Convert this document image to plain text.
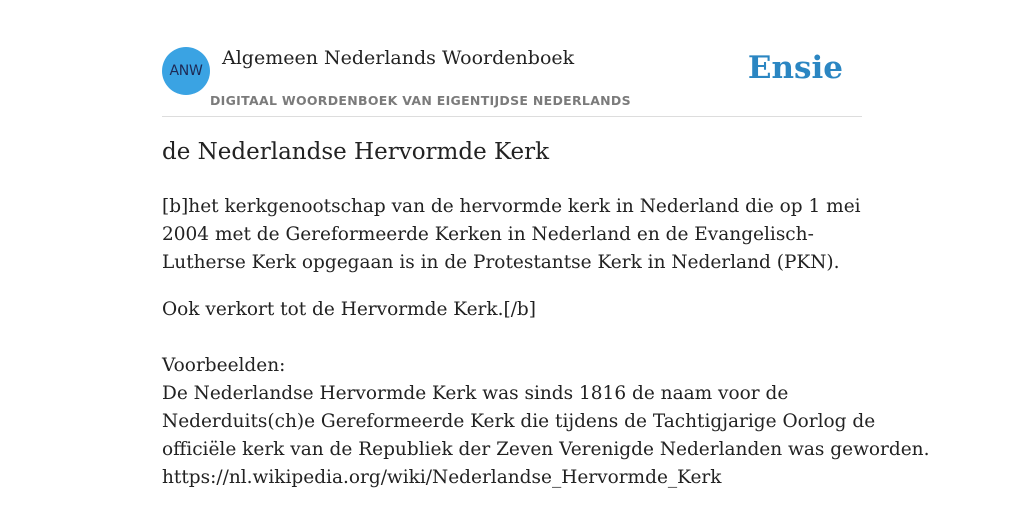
ANW
Algemeen Nederlands Woordenboek
DIGITAAL WOORDENBOEK VAN EIGENTIJDSE NEDERLANDS
Ensie
de Nederlandse Hervormde Kerk

[b]het kerkgenootschap van de hervormde kerk in Nederland die op 1 mei 2004 met de Gereformeerde Kerken in Nederland en de Evangelisch-Lutherse Kerk opgegaan is in de Protestantse Kerk in Nederland (PKN).

Ook verkort tot de Hervormde Kerk.[/b]

Voorbeelden:

De Nederlandse Hervormde Kerk was sinds 1816 de naam voor de
Nederduits(ch)e Gereformeerde Kerk die tijdens de Tachtigjarige Oorlog de
officiële kerk van de Republiek der Zeven Verenigde Nederlanden was geworden.
https://nl.wikipedia.org/wiki/Nederlandse_Hervormde_Kerk
